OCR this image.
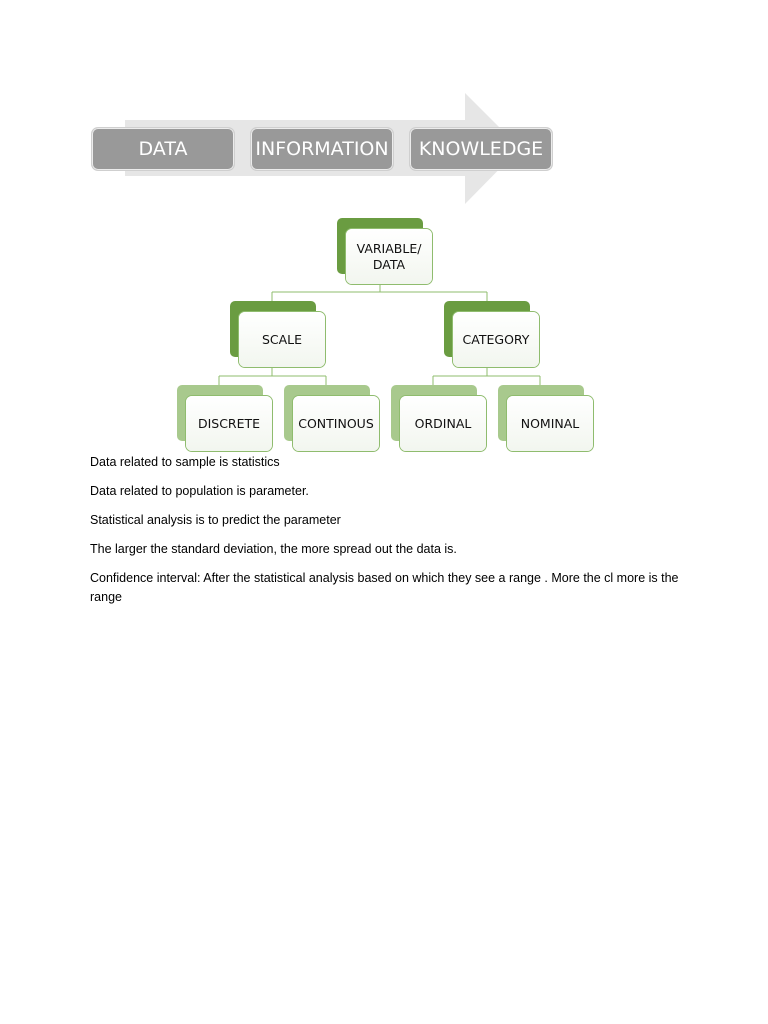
DATA	INFORMATION	KNOWLEDGE
VARIABLE/
DATA
SCALE	CATEGORY
DISCRETE	CONTINOUS	ORDINAL	NOMINAL

Data related to sample is statistics

Data related to population is parameter.

Statistical analysis is to predict the parameter

The larger the standard deviation, the more spread out the data is.

Confidence interval: After the statistical analysis based on which they see a range . More the cl more is the range
